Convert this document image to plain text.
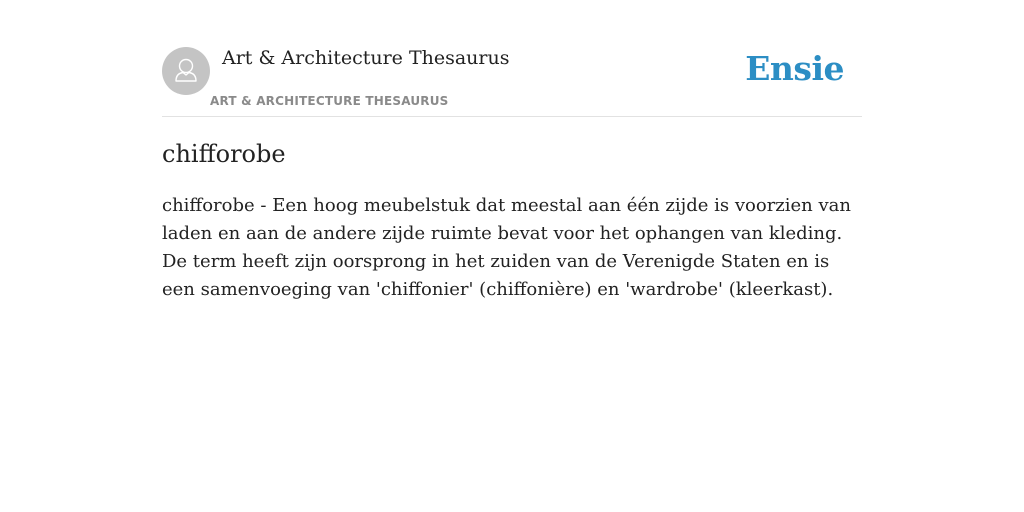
Art & Architecture Thesaurus
ART & ARCHITECTURE THESAURUS
Ensie
chifforobe

chifforobe - Een hoog meubelstuk dat meestal aan één zijde is voorzien van laden en aan de andere zijde ruimte bevat voor het ophangen van kleding. De term heeft zijn oorsprong in het zuiden van de Verenigde Staten en is een samenvoeging van 'chiffonier' (chiffonière) en 'wardrobe' (kleerkast).
